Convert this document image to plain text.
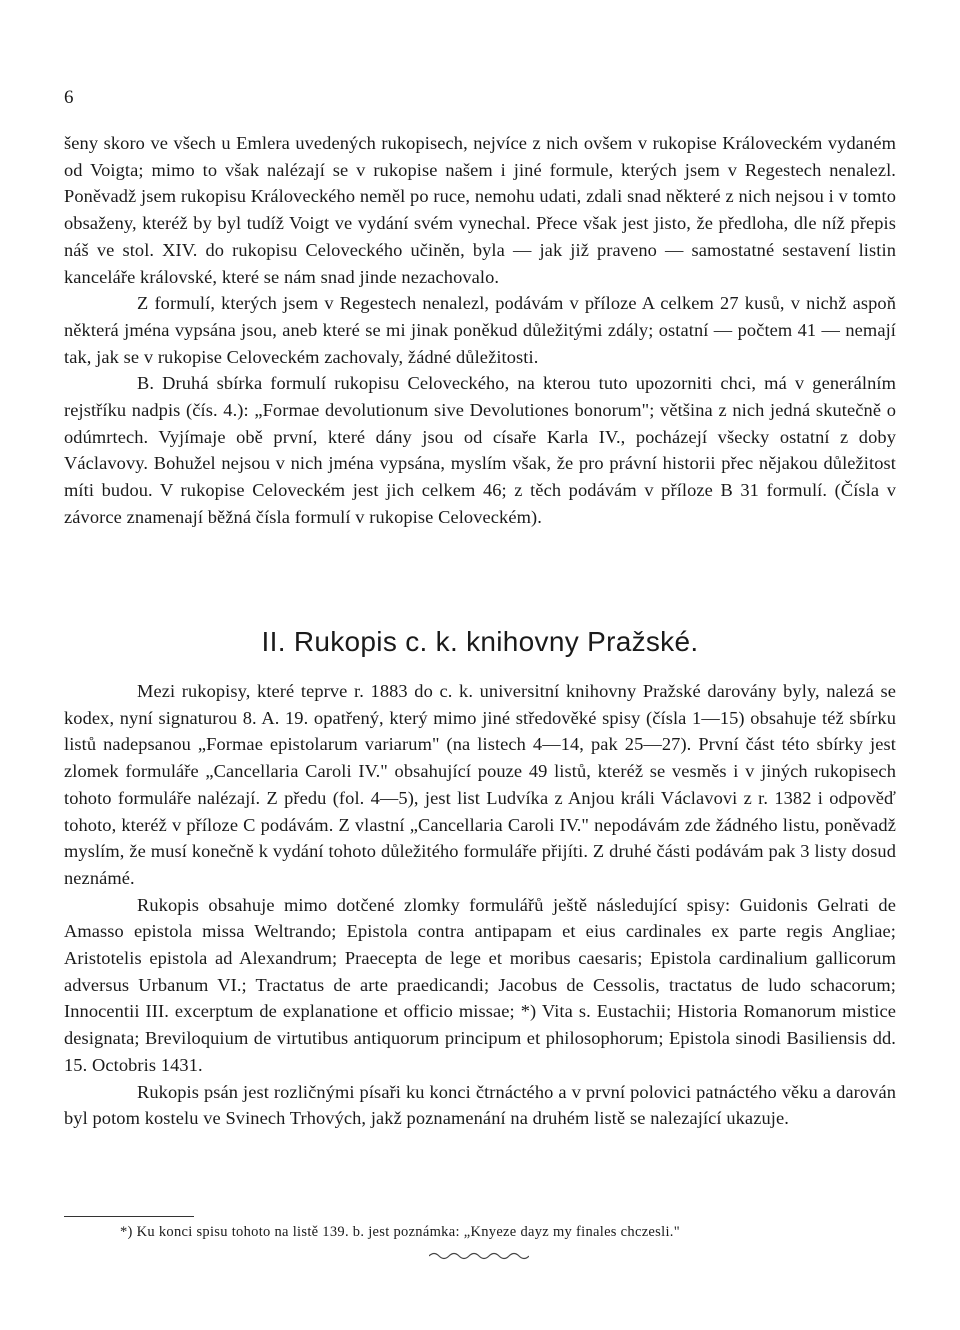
6

šeny skoro ve všech u Emlera uvedených rukopisech, nejvíce z nich ovšem v rukopise Královeckém vydaném od Voigta; mimo to však nalézají se v rukopise našem i jiné formule, kterých jsem v Regestech nenalezl. Poněvadž jsem rukopisu Královeckého neměl po ruce, nemohu udati, zdali snad některé z nich nejsou i v tomto obsaženy, kteréž by byl tudíž Voigt ve vydání svém vynechal. Přece však jest jisto, že předloha, dle níž přepis náš ve stol. XIV. do rukopisu Celoveckého učiněn, byla — jak již praveno — samostatné sestavení listin kanceláře královské, které se nám snad jinde nezachovalo.

Z formulí, kterých jsem v Regestech nenalezl, podávám v příloze A celkem 27 kusů, v nichž aspoň některá jména vypsána jsou, aneb které se mi jinak poněkud důležitými zdály; ostatní — počtem 41 — nemají tak, jak se v rukopise Celoveckém zachovaly, žádné důležitosti.

B. Druhá sbírka formulí rukopisu Celoveckého, na kterou tuto upozorniti chci, má v generálním rejstříku nadpis (čís. 4.): „Formae devolutionum sive Devolutiones bonorum"; většina z nich jedná skutečně o odúmrtech. Vyjímaje obě první, které dány jsou od císaře Karla IV., pocházejí všecky ostatní z doby Václavovy. Bohužel nejsou v nich jména vypsána, myslím však, že pro právní historii přec nějakou důležitost míti budou. V rukopise Celoveckém jest jich celkem 46; z těch podávám v příloze B 31 formulí. (Čísla v závorce znamenají běžná čísla formulí v rukopise Celoveckém).

II. Rukopis c. k. knihovny Pražské.

Mezi rukopisy, které teprve r. 1883 do c. k. universitní knihovny Pražské darovány byly, nalezá se kodex, nyní signaturou 8. A. 19. opatřený, který mimo jiné středověké spisy (čísla 1—15) obsahuje též sbírku listů nadepsanou „Formae epistolarum variarum" (na listech 4—14, pak 25—27). První část této sbírky jest zlomek formuláře „Cancellaria Caroli IV." obsahující pouze 49 listů, kteréž se vesměs i v jiných rukopisech tohoto formuláře nalézají. Z předu (fol. 4—5), jest list Ludvíka z Anjou králi Václavovi z r. 1382 i odpověď tohoto, kteréž v příloze C podávám. Z vlastní „Cancellaria Caroli IV." nepodávám zde žádného listu, poněvadž myslím, že musí konečně k vydání tohoto důležitého formuláře přijíti. Z druhé části podávám pak 3 listy dosud neznámé.

Rukopis obsahuje mimo dotčené zlomky formulářů ještě následující spisy: Guidonis Gelrati de Amasso epistola missa Weltrando; Epistola contra antipapam et eius cardinales ex parte regis Angliae; Aristotelis epistola ad Alexandrum; Praecepta de lege et moribus caesaris; Epistola cardinalium gallicorum adversus Urbanum VI.; Tractatus de arte praedicandi; Jacobus de Cessolis, tractatus de ludo schacorum; Innocentii III. excerptum de explanatione et officio missae; *) Vita s. Eustachii; Historia Romanorum mistice designata; Breviloquium de virtutibus antiquorum principum et philosophorum; Epistola sinodi Basiliensis dd. 15. Octobris 1431.

Rukopis psán jest rozličnými písaři ku konci čtrnáctého a v první polovici patnáctého věku a darován byl potom kostelu ve Svinech Trhových, jakž poznamenání na druhém listě se nalezající ukazuje.

*) Ku konci spisu tohoto na listě 139. b. jest poznámka: „Knyeze dayz my finales chczesli."
